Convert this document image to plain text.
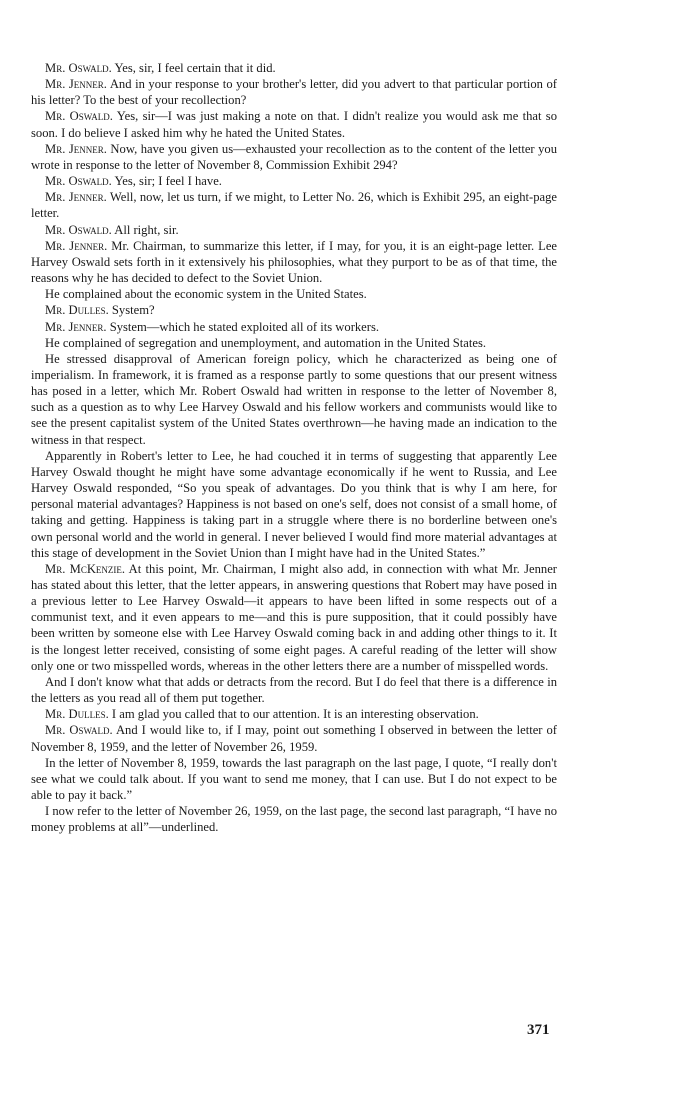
Mr. Oswald. Yes, sir, I feel certain that it did.

Mr. Jenner. And in your response to your brother's letter, did you advert to that particular portion of his letter? To the best of your recollection?

Mr. Oswald. Yes, sir—I was just making a note on that. I didn't realize you would ask me that so soon. I do believe I asked him why he hated the United States.

Mr. Jenner. Now, have you given us—exhausted your recollection as to the content of the letter you wrote in response to the letter of November 8, Commission Exhibit 294?

Mr. Oswald. Yes, sir; I feel I have.

Mr. Jenner. Well, now, let us turn, if we might, to Letter No. 26, which is Exhibit 295, an eight-page letter.

Mr. Oswald. All right, sir.

Mr. Jenner. Mr. Chairman, to summarize this letter, if I may, for you, it is an eight-page letter. Lee Harvey Oswald sets forth in it extensively his philosophies, what they purport to be as of that time, the reasons why he has decided to defect to the Soviet Union.

He complained about the economic system in the United States.

Mr. Dulles. System?

Mr. Jenner. System—which he stated exploited all of its workers.

He complained of segregation and unemployment, and automation in the United States.

He stressed disapproval of American foreign policy, which he characterized as being one of imperialism. In framework, it is framed as a response partly to some questions that our present witness has posed in a letter, which Mr. Robert Oswald had written in response to the letter of November 8, such as a question as to why Lee Harvey Oswald and his fellow workers and communists would like to see the present capitalist system of the United States overthrown—he having made an indication to the witness in that respect.

Apparently in Robert's letter to Lee, he had couched it in terms of suggesting that apparently Lee Harvey Oswald thought he might have some advantage economically if he went to Russia, and Lee Harvey Oswald responded, “So you speak of advantages. Do you think that is why I am here, for personal material advantages? Happiness is not based on one's self, does not consist of a small home, of taking and getting. Happiness is taking part in a struggle where there is no borderline between one's own personal world and the world in general. I never believed I would find more material advantages at this stage of development in the Soviet Union than I might have had in the United States.”

Mr. McKenzie. At this point, Mr. Chairman, I might also add, in connection with what Mr. Jenner has stated about this letter, that the letter appears, in answering questions that Robert may have posed in a previous letter to Lee Harvey Oswald—it appears to have been lifted in some respects out of a communist text, and it even appears to me—and this is pure supposition, that it could possibly have been written by someone else with Lee Harvey Oswald coming back in and adding other things to it. It is the longest letter received, consisting of some eight pages. A careful reading of the letter will show only one or two misspelled words, whereas in the other letters there are a number of misspelled words.

And I don't know what that adds or detracts from the record. But I do feel that there is a difference in the letters as you read all of them put together.

Mr. Dulles. I am glad you called that to our attention. It is an interesting observation.

Mr. Oswald. And I would like to, if I may, point out something I observed in between the letter of November 8, 1959, and the letter of November 26, 1959.

In the letter of November 8, 1959, towards the last paragraph on the last page, I quote, “I really don't see what we could talk about. If you want to send me money, that I can use. But I do not expect to be able to pay it back.”

I now refer to the letter of November 26, 1959, on the last page, the second last paragraph, “I have no money problems at all”—underlined.

371
